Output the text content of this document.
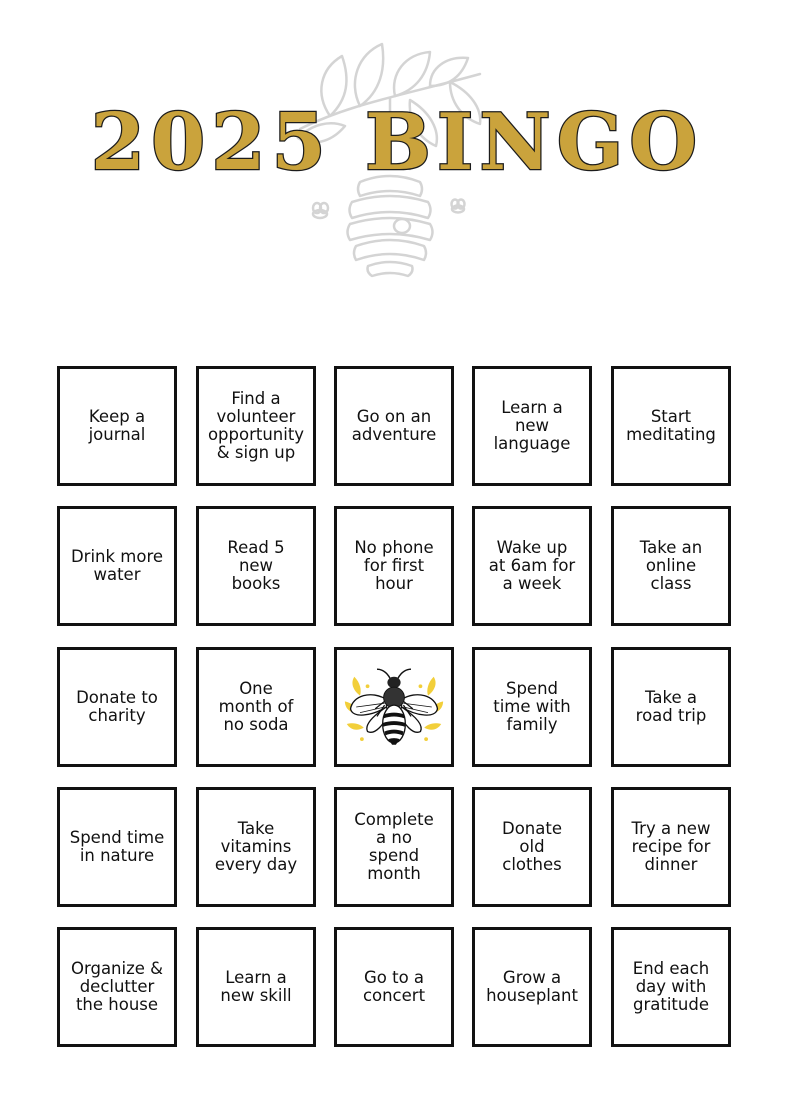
2025 BINGO
Keep a
journal
Find a
volunteer
opportunity
& sign up
Go on an
adventure
Learn a
new
language
Start
meditating
Drink more
water
Read 5
new
books
No phone
for first
hour
Wake up
at 6am for
a week
Take an
online
class
Donate to
charity
One
month of
no soda
Spend
time with
family
Take a
road trip
Spend time
in nature
Take
vitamins
every day
Complete
a no
spend
month
Donate
old
clothes
Try a new
recipe for
dinner
Organize &
declutter
the house
Learn a
new skill
Go to a
concert
Grow a
houseplant
End each
day with
gratitude
